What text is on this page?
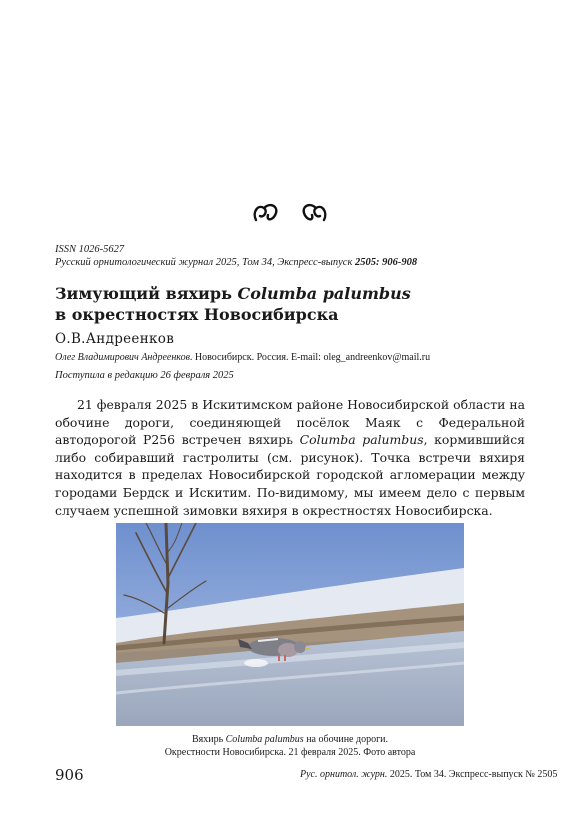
ISSN 1026-5627
Русский орнитологический журнал 2025, Том 34, Экспресс-выпуск 2505: 906-908
Зимующий вяхирь Columba palumbus
в окрестностях Новосибирска
О.В.Андреенков
Олег Владимирович Андреенков. Новосибирск. Россия. E-mail: oleg_andreenkov@mail.ru
Поступила в редакцию 26 февраля 2025
21 февраля 2025 в Искитимском районе Новосибирской области на обочине дороги, соединяющей посёлок Маяк с Федеральной автодорогой Р256 встречен вяхирь Columba palumbus, кормившийся либо собиравший гастролиты (см. рисунок). Точка встречи вяхиря находится в пределах Новосибирской городской агломерации между городами Бердск и Искитим. По-видимому, мы имеем дело с первым случаем успешной зимовки вяхиря в окрестностях Новосибирска.
Вяхирь Columba palumbus на обочине дороги.
Окрестности Новосибирска. 21 февраля 2025. Фото автора
906	Рус. орнитол. журн. 2025. Том 34. Экспресс-выпуск № 2505
